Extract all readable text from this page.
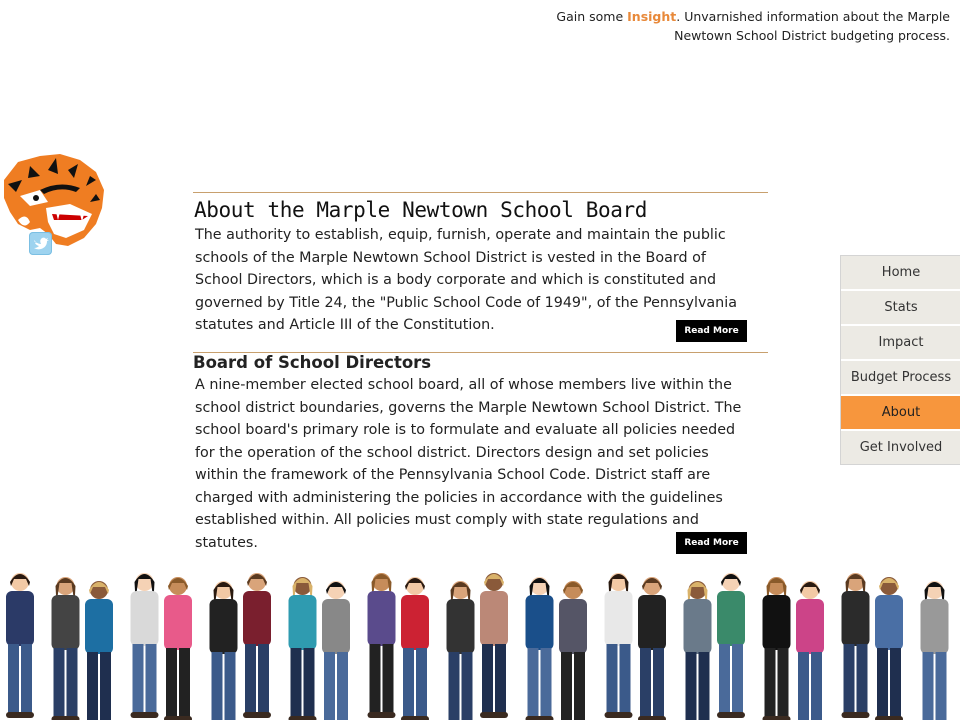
Gain some Insight. Unvarnished information about the Marple Newtown School District budgeting process.
About the Marple Newtown School Board

The authority to establish, equip, furnish, operate and maintain the public schools of the Marple Newtown School District is vested in the Board of School Directors, which is a body corporate and which is constituted and governed by Title 24, the "Public School Code of 1949", of the Pennsylvania statutes and Article III of the Constitution.	Read More
Board of School Directors

A nine-member elected school board, all of whose members live within the school district boundaries, governs the Marple Newtown School District. The school board's primary role is to formulate and evaluate all policies needed for the operation of the school district. Directors design and set policies within the framework of the Pennsylvania School Code. District staff are charged with administering the policies in accordance with the guidelines established within. All policies must comply with state regulations and statutes.	Read More
Home
Stats
Impact
Budget Process
About
Get Involved
